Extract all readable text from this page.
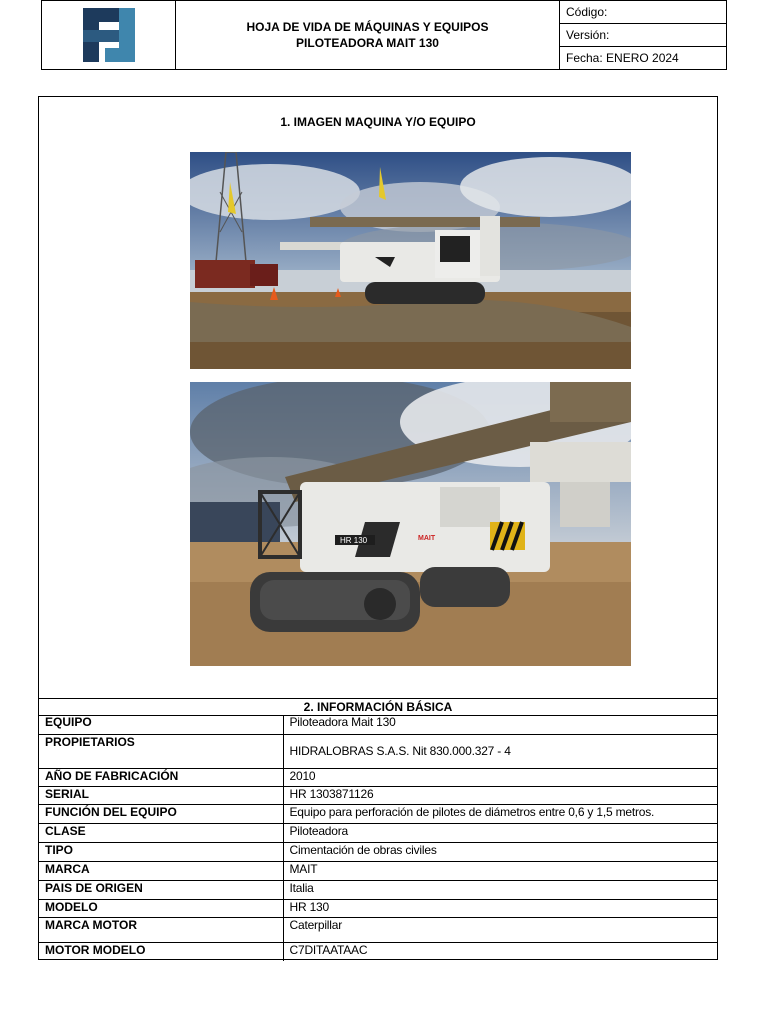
HOJA DE VIDA DE MÁQUINAS Y EQUIPOS
PILOTEADORA MAIT 130
Código:
Versión:
Fecha: ENERO 2024
1. IMAGEN MAQUINA Y/O EQUIPO
HR 130	MAIT
2. INFORMACIÓN BÁSICA
EQUIPO	Piloteadora Mait 130
PROPIETARIOS	HIDRALOBRAS S.A.S. Nit 830.000.327 - 4
AÑO DE FABRICACIÓN	2010
SERIAL	HR 1303871126
FUNCIÓN DEL EQUIPO	Equipo para perforación de pilotes de diámetros entre 0,6 y 1,5 metros.
CLASE	Piloteadora
TIPO	Cimentación de obras civiles
MARCA	MAIT
PAIS DE ORIGEN	Italia
MODELO	HR 130
MARCA MOTOR	Caterpillar
MOTOR MODELO	C7DITAATAAC
